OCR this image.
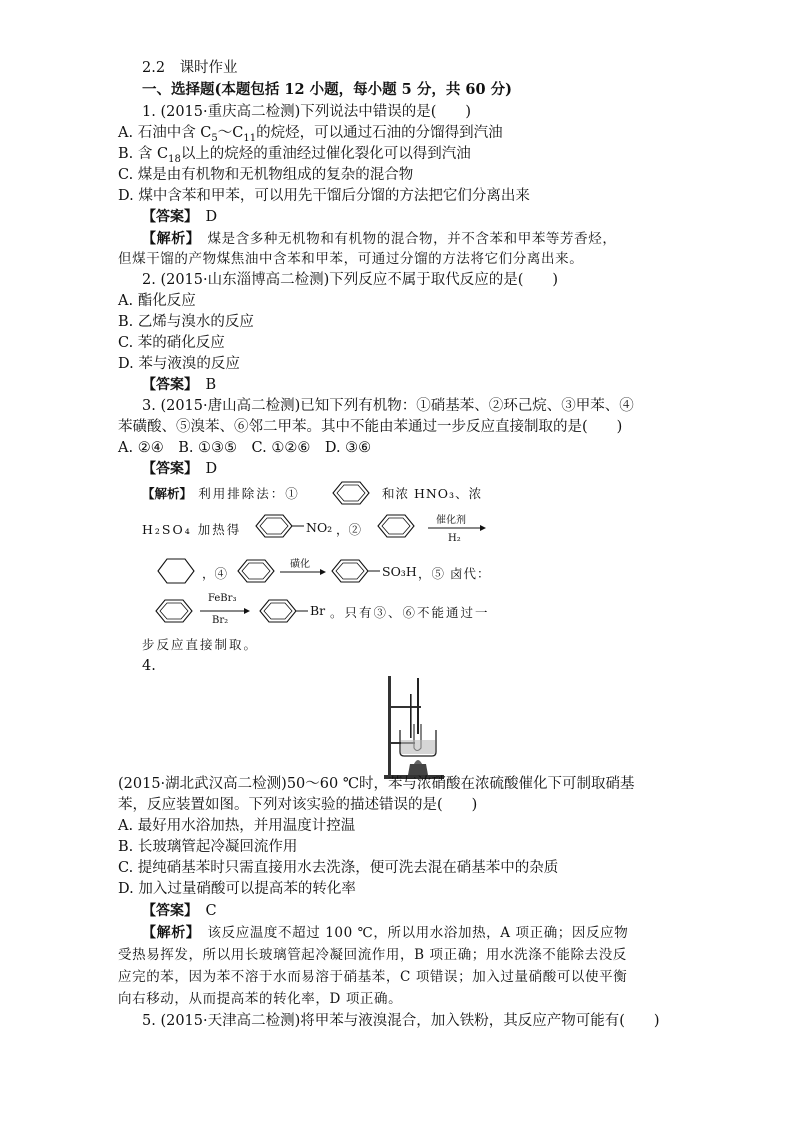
2.2　 课时作业
一、选择题(本题包括 12 小题，每小题 5 分，共 60 分)
1. (2015·重庆高二检测)下列说法中错误的是(　　)
A. 石油中含 $C_5\sim C_{11}$的烷烃，可以通过石油的分馏得到汽油
B. 含 $C_{18}$以上的烷烃的重油经过催化裂化可以得到汽油
C. 煤是由有机物和无机物组成的复杂的混合物
D. 煤中含苯和甲苯，可以用先干馏后分馏的方法把它们分离出来
【答案】　 D
【解析】　 煤是含多种无机物和有机物的混合物，并不含苯和甲苯等芳香烃，
但煤干馏的产物煤焦油中含苯和甲苯，可通过分馏的方法将它们分离出来。
2. (2015·山东淄博高二检测)下列反应不属于取代反应的是(　　)
A. 酯化反应
B. 乙烯与溴水的反应
C. 苯的硝化反应
D. 苯与液溴的反应
【答案】　 B
3. (2015·唐山高二检测)已知下列有机物：①硝基苯、②环己烷、③甲苯、④
苯磺酸、⑤溴苯、⑥邻二甲苯。其中不能由苯通过一步反应直接制取的是(　　)
A. ②④　B. ①③⑤　C. ①②⑥　D. ③⑥
【答案】　 D
【解析】　 利用排除法：①	和浓 HNO₃、浓
H₂SO₄ 加热得	NO₂ ，②
催化剂
H₂
，④
磺化	SO₃H ，⑤ 卤代：
FeBr₃
Br₂
Br 。只有③、⑥不能通过一
步反应直接制取。
4.
(2015·湖北武汉高二检测)50～60 ℃时，苯与浓硝酸在浓硫酸催化下可制取硝基
苯，反应装置如图。下列对该实验的描述错误的是(　　)
A. 最好用水浴加热，并用温度计控温
B. 长玻璃管起冷凝回流作用
C. 提纯硝基苯时只需直接用水去洗涤，便可洗去混在硝基苯中的杂质
D. 加入过量硝酸可以提高苯的转化率
【答案】　 C
【解析】　 该反应温度不超过 100 ℃，所以用水浴加热，A 项正确；因反应物
受热易挥发，所以用长玻璃管起冷凝回流作用，B 项正确；用水洗涤不能除去没反
应完的苯，因为苯不溶于水而易溶于硝基苯，C 项错误；加入过量硝酸可以使平衡
向右移动，从而提高苯的转化率，D 项正确。
5. (2015·天津高二检测)将甲苯与液溴混合，加入铁粉，其反应产物可能有(　　)
